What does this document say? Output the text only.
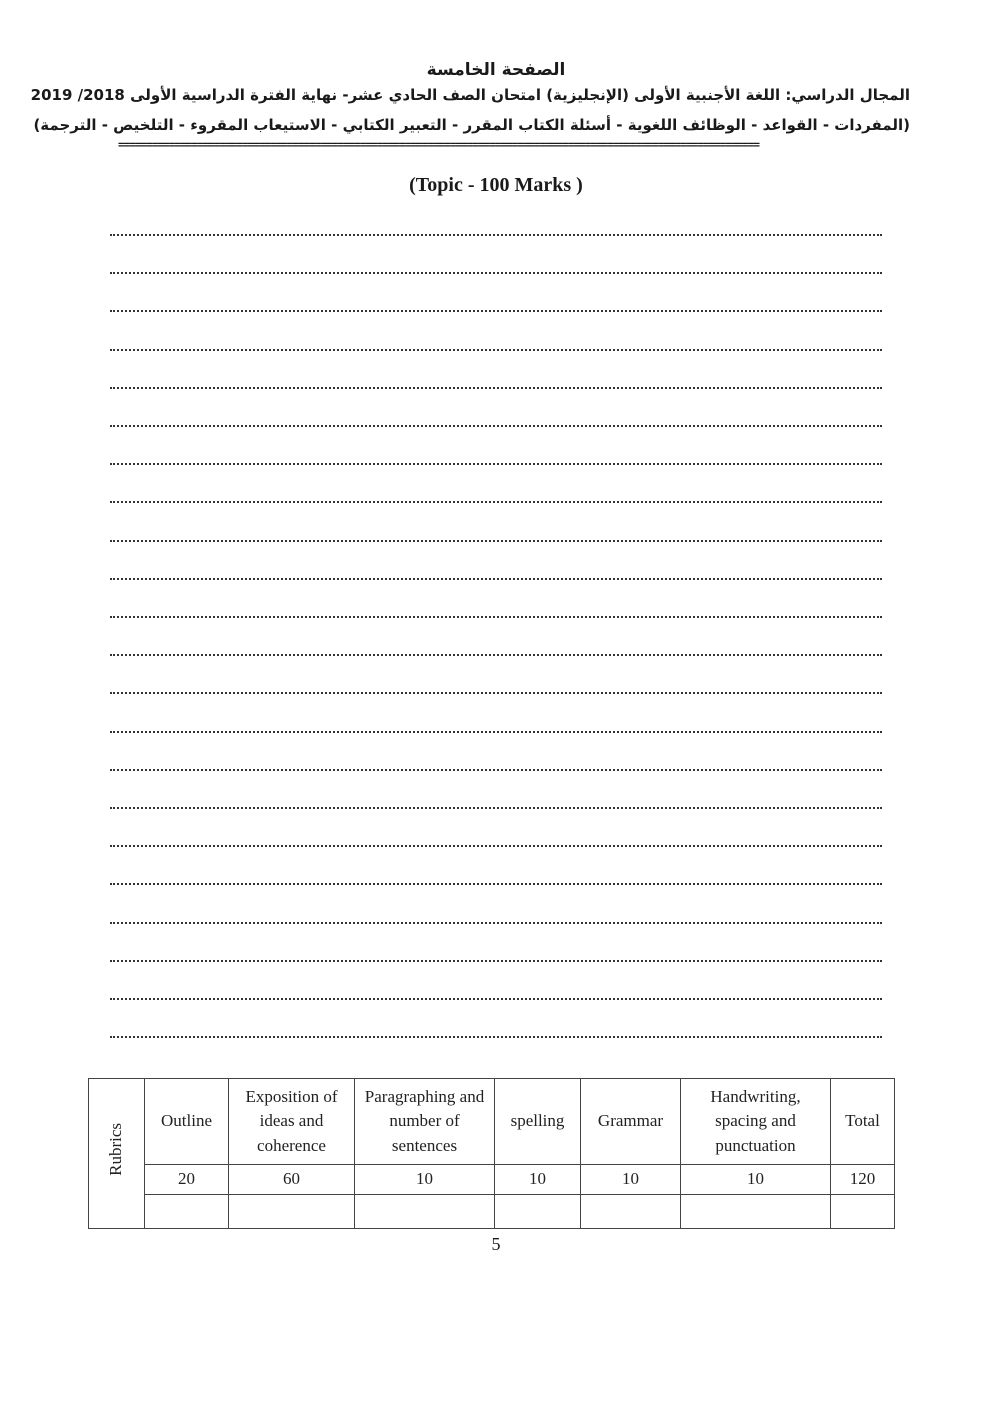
الصفحة الخامسة
المجال الدراسي: اللغة الأجنبية الأولى (الإنجليزية) امتحان الصف الحادي عشر- نهاية الفترة الدراسية الأولى 2018/ 2019
(المفردات - القواعد - الوظائف اللغوية - أسئلة الكتاب المقرر - التعبير الكتابي - الاستيعاب المقروء - التلخيص - الترجمة)
==================================================================================================================
(Topic - 100 Marks )
Rubrics	Outline	Exposition of ideas and coherence	Paragraphing and number of sentences	spelling	Grammar	Handwriting, spacing and punctuation	Total
	20	60	10	10	10	10	120

5
